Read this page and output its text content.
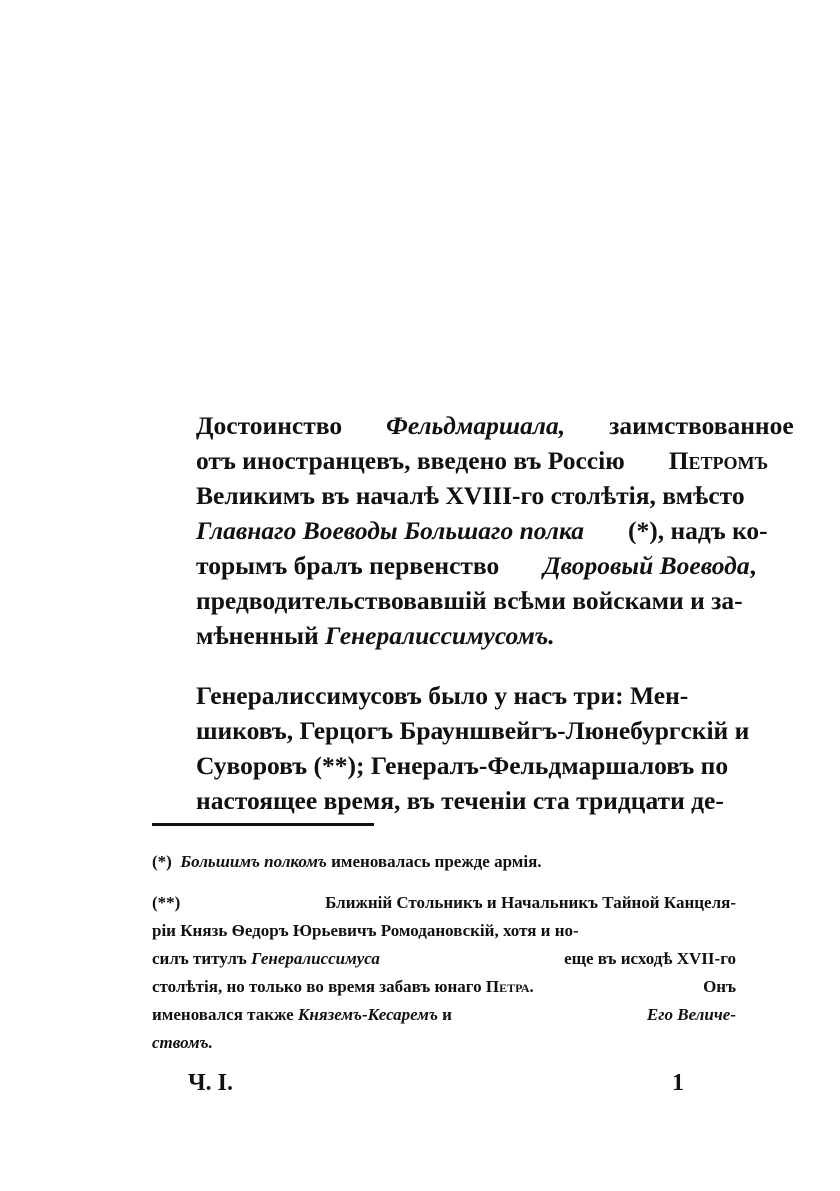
Достоинство	Фельдмаршала,	заимствованное
отъ иностранцевъ, введено въ Россію	Петромъ
Великимъ въ началѣ XVIII-го столѣтія, вмѣсто
Главнаго Воеводы Большаго полка	(*), надъ ко-
торымъ бралъ первенство	Дворовый Воевода,
предводительствовавшій всѣми войсками и за-
мѣненный Генералиссимусомъ.

Генералиссимусовъ было у насъ три: Мен-
шиковъ, Герцогъ Брауншвейгъ-Люнебургскій и
Суворовъ (**); Генералъ-Фельдмаршаловъ по
настоящее время, въ теченіи ста тридцати де-

(*) Большимъ полкомъ именовалась прежде армія.
(**)	Ближній Стольникъ и Начальникъ Тайной Канцеля-
ріи Князь Ѳедоръ Юрьевичъ Ромодановскій, хотя и но-
силъ титулъ Генералиссимуса	еще въ исходѣ XVII-го
столѣтія, но только во время забавъ юнаго Петра.	Онъ
именовался также Княземъ-Кесаремъ и	Его Величе-
ствомъ.
Ч. I.	1
